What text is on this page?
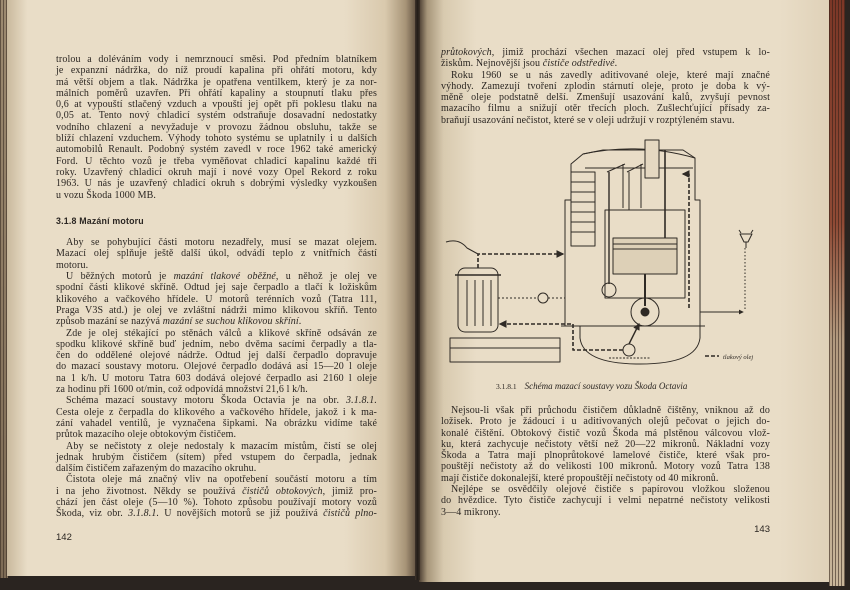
trolou a doléváním vody i nemrznoucí směsi. Pod předním blatníkem
je expanzní nádržka, do níž proudí kapalina při ohřátí motoru, kdy
má větší objem a tlak. Nádržka je opatřena ventilkem, který je za nor-
málních poměrů uzavřen. Při ohřátí kapaliny a stoupnutí tlaku přes
0,6 at vypouští stlačený vzduch a vpouští jej opět při poklesu tlaku na
0,05 at. Tento nový chladicí systém odstraňuje dosavadní nedostatky
vodního chlazení a nevyžaduje v provozu žádnou obsluhu, takže se
blíží chlazení vzduchem. Výhody tohoto systému se uplatnily i u dalších
automobilů Renault. Podobný systém zavedl v roce 1962 také americký
Ford. U těchto vozů je třeba vyměňovat chladicí kapalinu každé tři
roky. Uzavřený chladicí okruh mají i nové vozy Opel Rekord z roku
1963. U nás je uzavřený chladicí okruh s dobrými výsledky vyzkoušen
u vozu Škoda 1000 MB.
3.1.8 Mazání motoru
Aby se pohybující části motoru nezadřely, musí se mazat olejem.
Mazací olej splňuje ještě další úkol, odvádí teplo z vnitřních částí
motoru.
U běžných motorů je mazání tlakové oběžné, u něhož je olej ve
spodní části klikové skříně. Odtud jej saje čerpadlo a tlačí k ložiskům
klikového a vačkového hřídele. U motorů terénních vozů (Tatra 111,
Praga V3S atd.) je olej ve zvláštní nádrži mimo klikovou skříň. Tento
způsob mazání se nazývá mazání se suchou klikovou skříní.
Zde je olej stékající po stěnách válců a klikové skříně odsáván ze
spodku klikové skříně buď jedním, nebo dvěma sacími čerpadly a tla-
čen do oddělené olejové nádrže. Odtud jej další čerpadlo dopravuje
do mazací soustavy motoru. Olejové čerpadlo dodává asi 15—20 l oleje
na 1 k/h. U motoru Tatra 603 dodává olejové čerpadlo asi 2160 l oleje
za hodinu při 1600 ot/min, což odpovídá množství 21,6 l k/h.
Schéma mazací soustavy motoru Škoda Octavia je na obr. 3.1.8.1.
Cesta oleje z čerpadla do klikového a vačkového hřídele, jakož i k ma-
zání vahadel ventilů, je vyznačena šipkami. Na obrázku vidíme také
průtok mazacího oleje obtokovým čističem.
Aby se nečistoty z oleje nedostaly k mazacím místům, čistí se olej
jednak hrubým čističem (sítem) před vstupem do čerpadla, jednak
dalším čističem zařazeným do mazacího okruhu.
Čistota oleje má značný vliv na opotřebení součástí motoru a tím
i na jeho životnost. Někdy se používá čističů obtokových, jimiž pro-
chází jen část oleje (5—10 %). Tohoto způsobu používají motory vozů
Škoda, viz obr. 3.1.8.1. U novějších motorů se již používá čističů plno-
142
průtokových, jimiž prochází všechen mazací olej před vstupem k lo-
žiskům. Nejnovější jsou čističe odstředivé.
Roku 1960 se u nás zavedly aditivované oleje, které mají značné
výhody. Zamezují tvoření zplodin stárnutí oleje, proto je doba k vý-
měně oleje podstatně delší. Zmenšují usazování kalů, zvyšují pevnost
mazacího filmu a snižují otěr třecích ploch. Zušlechťující přísady za-
braňují usazování nečistot, které se v oleji udržují v rozptýleném stavu.
tlakový olej
3.1.8.1 Schéma mazací soustavy vozu Škoda Octavia
Nejsou-li však při průchodu čističem důkladně čištěny, vniknou až do
ložisek. Proto je žádoucí i u aditivovaných olejů pečovat o jejich do-
konalé čištění. Obtokový čistič vozů Škoda má plstěnou válcovou vlož-
ku, která zachycuje nečistoty větší než 20—22 mikronů. Nákladní vozy
Škoda a Tatra mají plnoprůtokové lamelové čističe, které však pro-
pouštějí nečistoty až do velikosti 100 mikronů. Motory vozů Tatra 138
mají čističe dokonalejší, které propouštějí nečistoty od 40 mikronů.
Nejlépe se osvědčily olejové čističe s papírovou vložkou složenou
do hvězdice. Tyto čističe zachycují i velmi nepatrné nečistoty velikosti
3—4 mikrony.
143
